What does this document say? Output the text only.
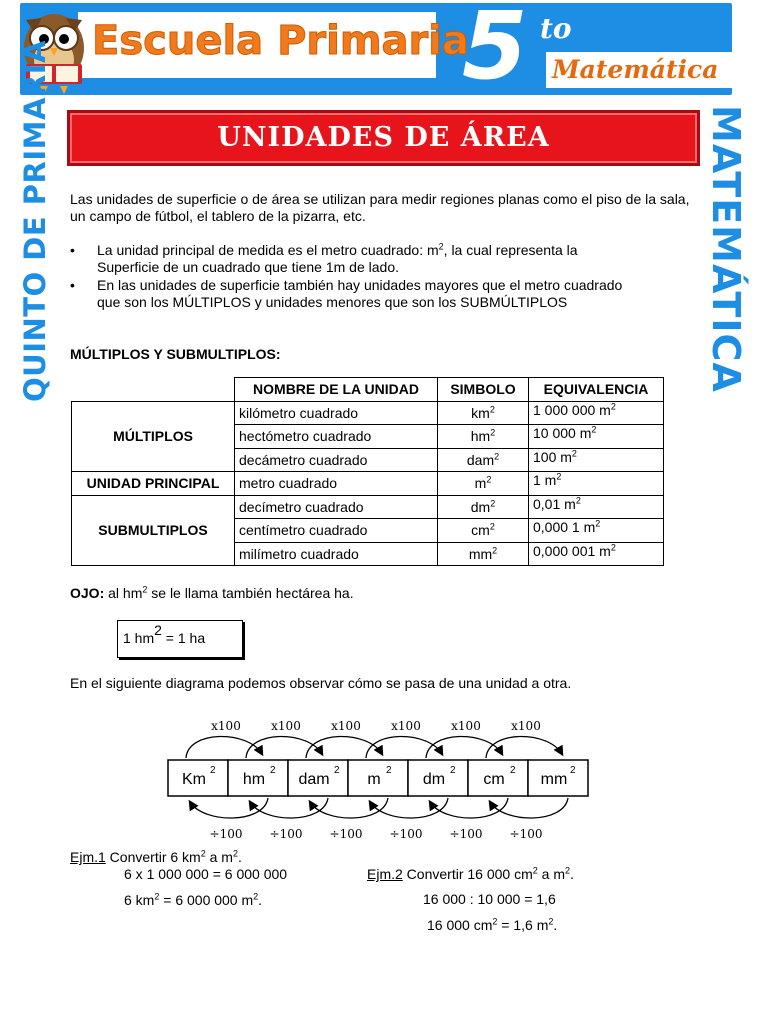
Escuela Primaria
5 to
Matemática
QUINTO DE PRIMARIA	MATEMÁTICA
UNIDADES DE ÁREA
Las unidades de superficie o de área se utilizan para medir regiones planas como el piso de la sala, un campo de fútbol, el tablero de la pizarra, etc.
• La unidad principal de medida es el metro cuadrado: $m^2$, la cual representa la
Superficie de un cuadrado que tiene 1m de lado.
• En las unidades de superficie también hay unidades mayores que el metro cuadrado
que son los MÚLTIPLOS y unidades menores que son los SUBMÚLTIPLOS
MÚLTIPLOS Y SUBMULTIPLOS:
	NOMBRE DE LA UNIDAD	SIMBOLO	EQUIVALENCIA
MÚLTIPLOS	kilómetro cuadrado	$km^2$	1 000 000 $m^2$
	hectómetro cuadrado	$hm^2$	10 000 $m^2$
	decámetro cuadrado	dam$^2$	100 $m^2$
UNIDAD PRINCIPAL	metro cuadrado	$m^2$	1 $m^2$
SUBMULTIPLOS	decímetro cuadrado	$dm^2$	0,01 $m^2$
	centímetro cuadrado	$cm^2$	0,000 1 $m^2$
	milímetro cuadrado	$mm^2$	0,000 001 $m^2$
OJO: al $hm^2$ se le llama también hectárea ha.
1 $hm^2 = 1$ ha
En el siguiente diagrama podemos observar cómo se pasa de una unidad a otra.
Km
2
hm
2
dam
2
m
2
dm
2
cm
2
mm
2
x100
÷100
x100
÷100
x100
÷100
x100
÷100
x100
÷100
x100
÷100
Ejm.1 Convertir 6 $km^2$ a $m^2$.
6 x 1 000 000 = 6 000 000
6 $km^2 = 6$ 000 000 $m^2$.
Ejm.2 Convertir 16 000 $cm^2$ a $m^2$.
16 000 : 10 000 = 1,6
16 000 $cm^2 = 1,6$ $m^2$.
